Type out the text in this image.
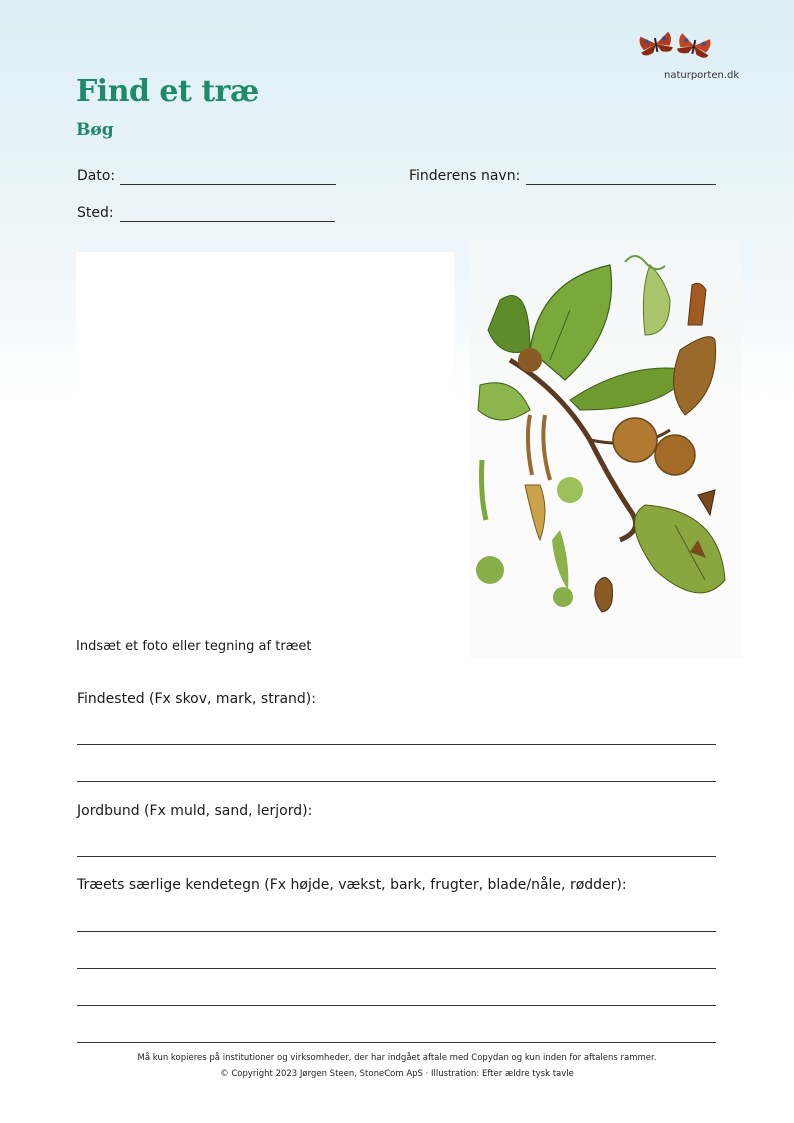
naturporten.dk
Find et træ
Bøg
Dato:	Finderens navn:
Sted:
Indsæt et foto eller tegning af træet
Findested (Fx skov, mark, strand):
Jordbund (Fx muld, sand, lerjord):
Træets særlige kendetegn (Fx højde, vækst, bark, frugter, blade/nåle, rødder):
Må kun kopieres på institutioner og virksomheder, der har indgået aftale med Copydan og kun inden for aftalens rammer.
© Copyright 2023 Jørgen Steen, StoneCom ApS · Illustration: Efter ældre tysk tavle
